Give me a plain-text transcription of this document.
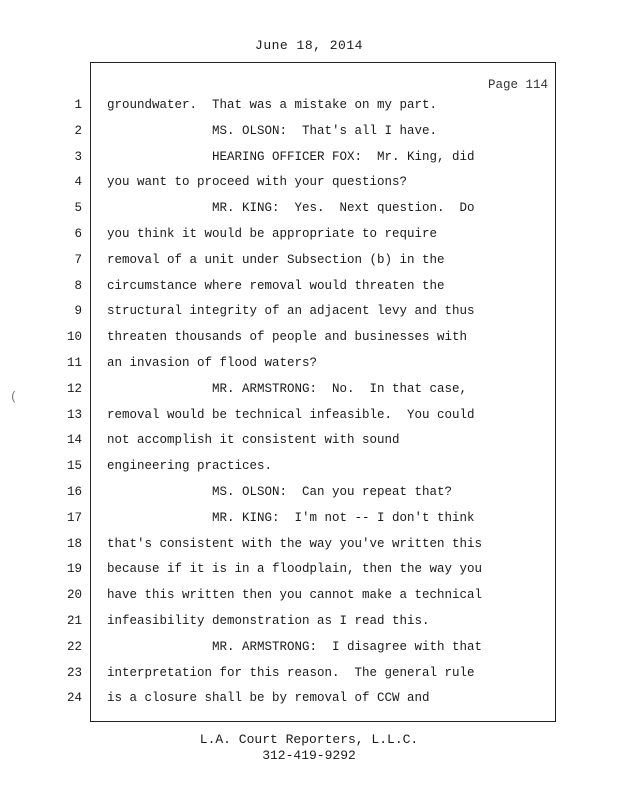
June 18, 2014
Page 114
1 groundwater.  That was a mistake on my part.
2 MS. OLSON:  That's all I have.
3 HEARING OFFICER FOX:  Mr. King, did
4 you want to proceed with your questions?
5 MR. KING:  Yes.  Next question.  Do
6 you think it would be appropriate to require
7 removal of a unit under Subsection (b) in the
8 circumstance where removal would threaten the
9 structural integrity of an adjacent levy and thus
10 threaten thousands of people and businesses with
11 an invasion of flood waters?
12 MR. ARMSTRONG:  No.  In that case,
13 removal would be technical infeasible.  You could
14 not accomplish it consistent with sound
15 engineering practices.
16 MS. OLSON:  Can you repeat that?
17 MR. KING:  I'm not -- I don't think
18 that's consistent with the way you've written this
19 because if it is in a floodplain, then the way you
20 have this written then you cannot make a technical
21 infeasibility demonstration as I read this.
22 MR. ARMSTRONG:  I disagree with that
23 interpretation for this reason.  The general rule
24 is a closure shall be by removal of CCW and
L.A. Court Reporters, L.L.C.
312-419-9292
(
